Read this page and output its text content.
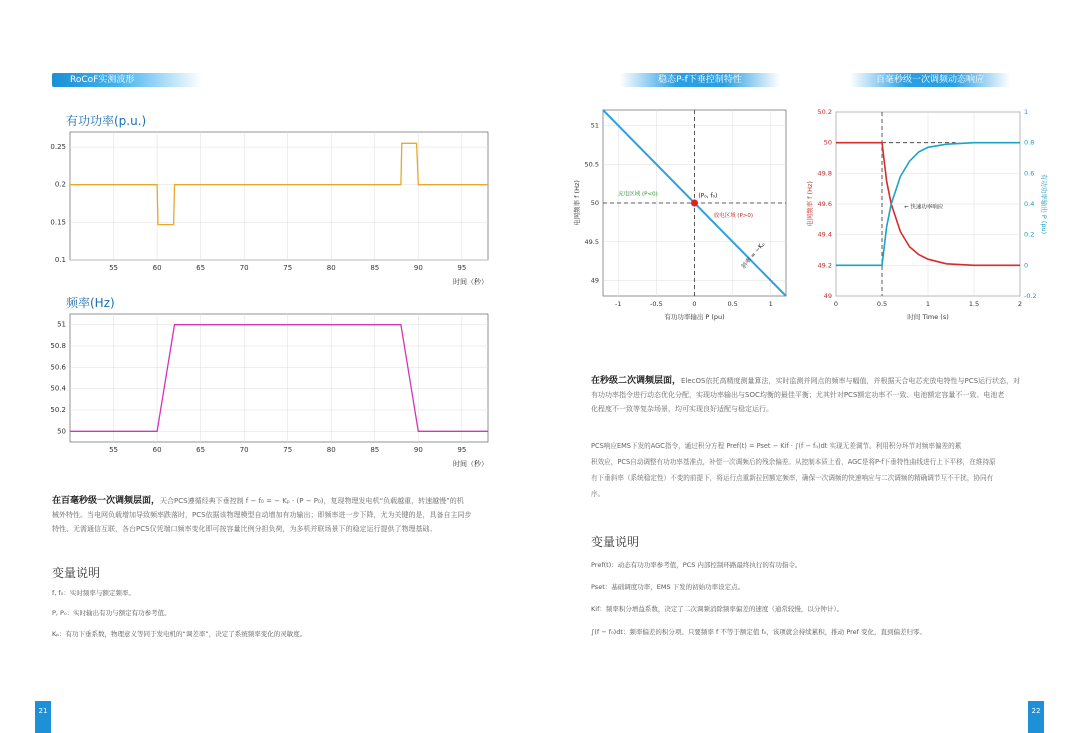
RoCoF实测波形
有功功率(p.u.)
55	60	65	70	75	80	85	90	95
0.1
0.15
0.2
0.25
时间（秒）
频率(Hz)
55	60	65	70	75	80	85	90	95
50
50.2
50.4
50.6
50.8
51
时间（秒）
在百毫秒级一次调频层面，天合PCS遵循经典下垂控制 f − f₀ = − Kₚ · (P − P₀)，复现物理发电机“负载越重，转速越慢”的机
械外特性。当电网负载增加导致频率跌落时，PCS依据该物理模型自动增加有功输出；即频率进一步下降，尤为关键的是，具备自主同步
特性、无需通信互联，各台PCS仅凭端口频率变化即可按容量比例分担负荷，为多机并联场景下的稳定运行提供了物理基础。
变量说明
f, f₀：实时频率与额定频率。
P, P₀：实时输出有功与额定有功参考值。
Kₚ：有功下垂系数，物理意义等同于发电机的“调差率”，决定了系统频率变化的灵敏度。
21
稳态P-f下垂控制特性	百毫秒级一次调频动态响应
-1	-0.5	0	0.5	1
49
49.5
50
50.5
51
充电区域 (P<0)	(P₀, f₀)
放电区域 (P>0)
斜率 = −Kₚ
有功功率输出 P (pu)
电网频率 f (Hz)
0	0.5	1	1.5	2
49
49.2
49.4
49.6
49.8
50
50.2
-0.2
0
0.2
0.4
0.6
0.8
1
← 快速功率响应
时间 Time (s)
电网频率 f (Hz)	有功功率输出 P (pu)
在秒级二次调频层面，ElecOS依托高精度测量算法，实时监测并网点的频率与幅值，并根据天合电芯充放电特性与PCS运行状态，对
有功功率指令进行动态优化分配，实现功率输出与SOC均衡的最佳平衡；尤其针对PCS额定功率不一致、电池额定容量不一致、电池老
化程度不一致等复杂场景，均可实现良好适配与稳定运行。
PCS响应EMS下发的AGC指令，通过积分方程 Pref(t) = Pset − Kif · ∫(f − f₀)dt 实现无差调节。利用积分环节对频率偏差的累
积效应，PCS自动调整有功功率基准点，补偿一次调频后的残余偏差。从控制本质上看，AGC是将P-f下垂特性曲线进行上下平移，在维持原
有下垂斜率（系统稳定性）不变的前提下，将运行点重新拉回额定频率，确保一次调频的快速响应与二次调频的精确调节互不干扰，协同有
序。
变量说明
Pref(t)：动态有功功率参考值，PCS 内部控制环路最终执行的有功指令。
Pset：基础调度功率，EMS 下发的初始功率设定点。
Kif：频率积分增益系数，决定了二次调频消除频率偏差的速度（通常较慢，以分钟计）。
∫(f − f₀)dt：频率偏差的积分项。只要频率 f 不等于额定值 f₀，该项就会持续累积，推动 Pref 变化，直到偏差归零。
22
